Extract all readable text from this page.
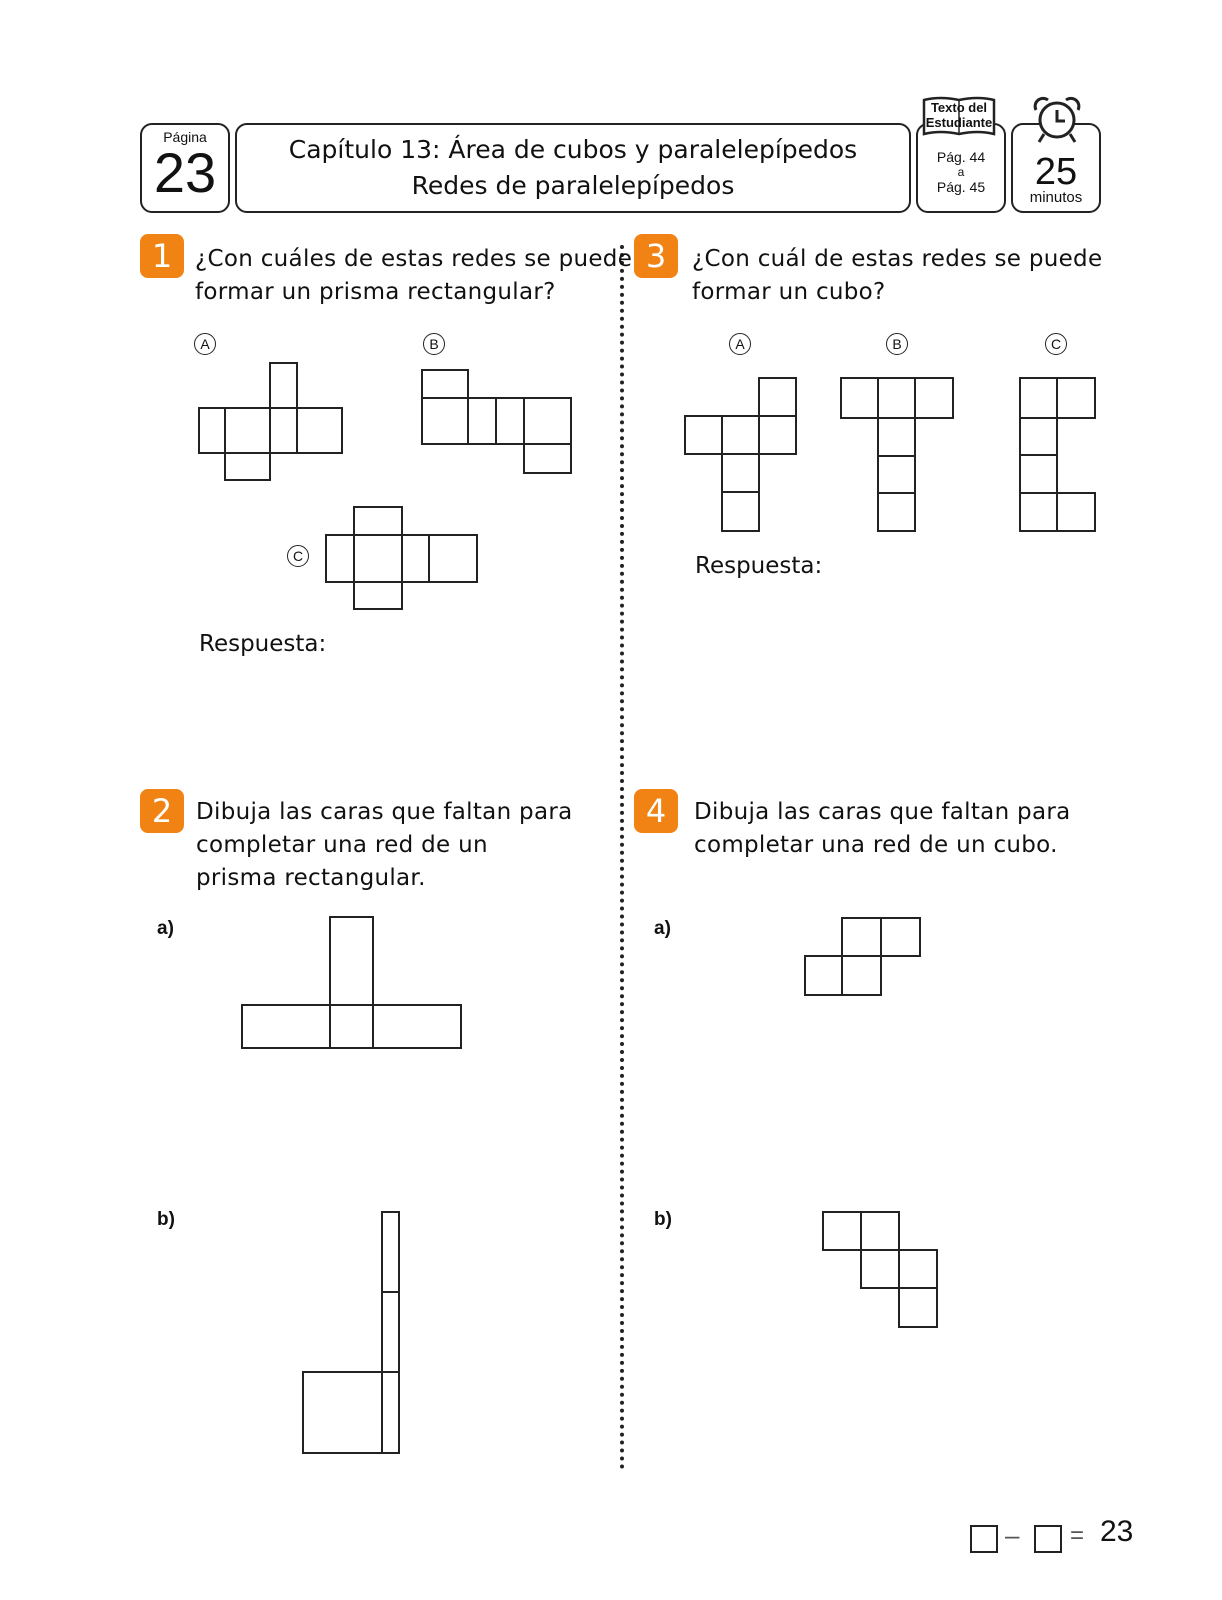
Página
23	Capítulo 13: Área de cubos y paralelepípedos
Redes de paralelepípedos
Pág. 44
a
Pág. 45
Texto del
Estudiante
25
minutos
1 ¿Con cuáles de estas redes se puede
formar un prisma rectangular?
A	B
C
Respuesta:
3	¿Con cuál de estas redes se puede
formar un cubo?
A	B	C
Respuesta:
2	Dibuja las caras que faltan para
completar una red de un
prisma rectangular.
a)
b)
4	Dibuja las caras que faltan para
completar una red de un cubo.
a)
b)
– = 23
